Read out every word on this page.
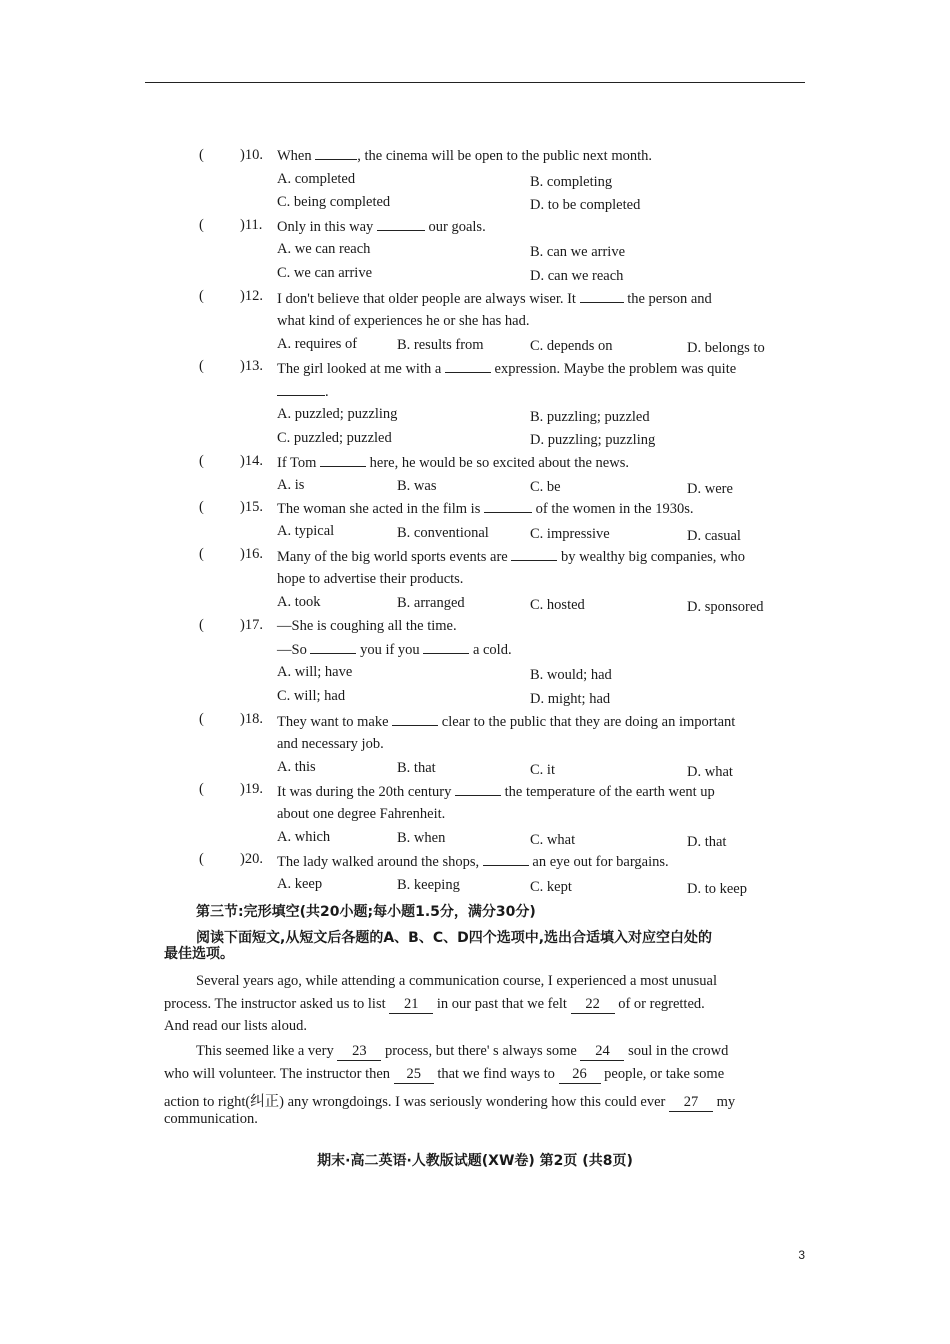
( )10. When	, the cinema will be open to the public next month.
A. completed	B. completing
C. being completed	D. to be completed
( )11. Only in this way	our goals.
A. we can reach	B. can we arrive
C. we can arrive	D. can we reach
( )12. I don't believe that older people are always wiser. It	the person and
what kind of experiences he or she has had.
A. requires of	B. results from	C. depends on	D. belongs to
( )13. The girl looked at me with a	expression. Maybe the problem was quite
.
A. puzzled; puzzling	B. puzzling; puzzled
C. puzzled; puzzled	D. puzzling; puzzling
( )14. If Tom	here, he would be so excited about the news.
A. is	B. was	C. be	D. were
( )15. The woman she acted in the film is	of the women in the 1930s.
A. typical	B. conventional	C. impressive	D. casual
( )16. Many of the big world sports events are	by wealthy big companies, who
hope to advertise their products.
A. took	B. arranged	C. hosted	D. sponsored
( )17. —She is coughing all the time.
—So	you if you	a cold.
A. will; have	B. would; had
C. will; had	D. might; had
( )18. They want to make	clear to the public that they are doing an important
and necessary job.
A. this	B. that	C. it	D. what
( )19. It was during the 20th century	the temperature of the earth went up
about one degree Fahrenheit.
A. which	B. when	C. what	D. that
( )20. The lady walked around the shops,	an eye out for bargains.
A. keep	B. keeping	C. kept	D. to keep
第三节:完形填空(共20小题;每小题1.5分，满分30分)
阅读下面短文,从短文后各题的A、B、C、D四个选项中,选出合适填入对应空白处的
最佳选项。
Several years ago, while attending a communication course, I experienced a most unusual
process. The instructor asked us to list 21 in our past that we felt 22 of or regretted.
And read our lists aloud.
This seemed like a very 23 process, but there' s always some 24 soul in the crowd
who will volunteer. The instructor then 25 that we find ways to 26 people, or take some
action to right(纠正) any wrongdoings. I was seriously wondering how this could ever 27 my
communication.
期末·高二英语·人教版试题(XW卷) 第2页 (共8页)
3
